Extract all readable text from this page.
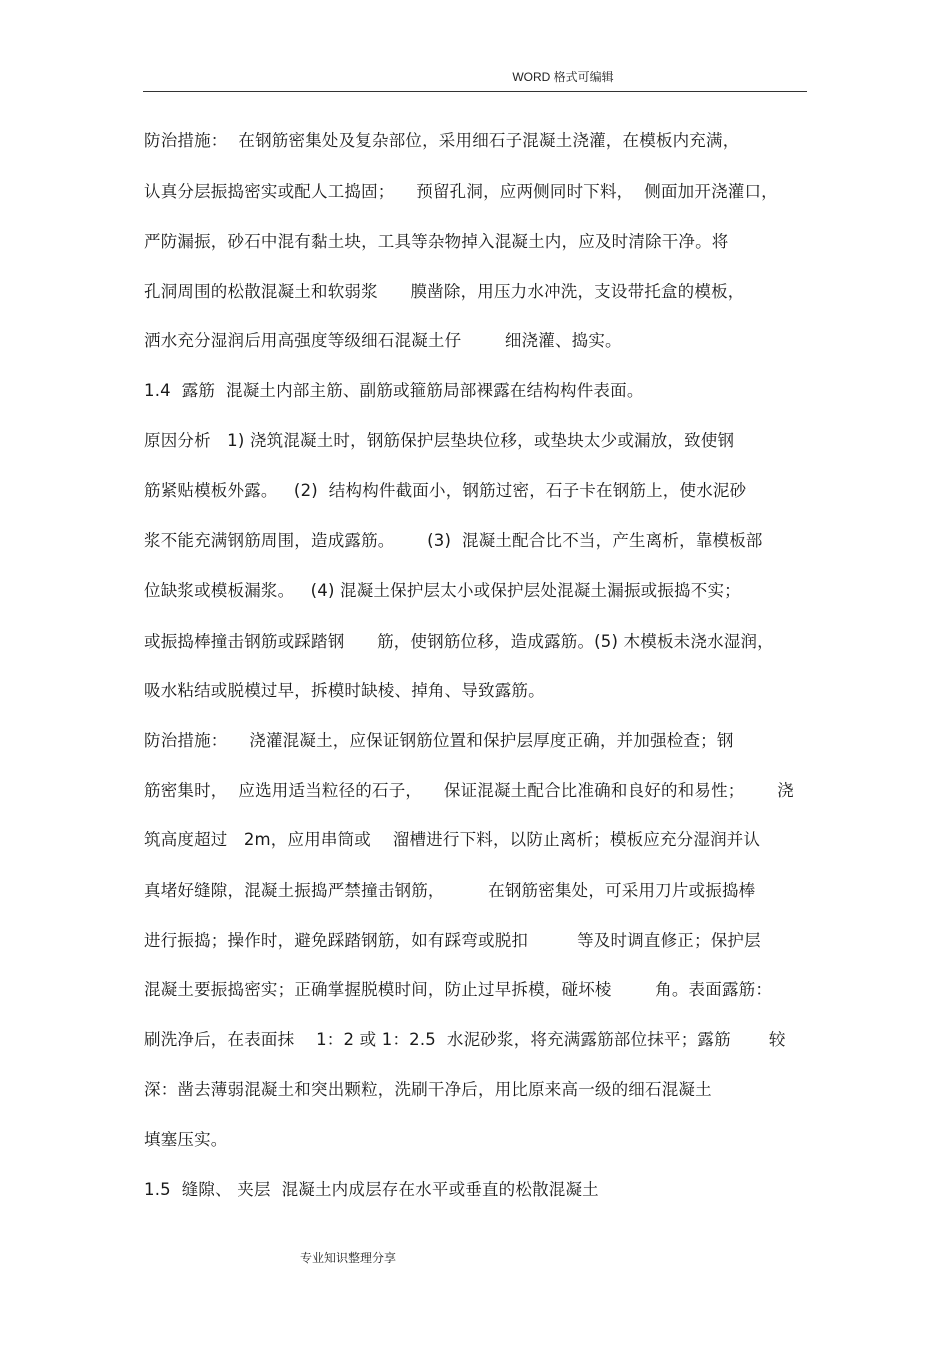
WORD 格式可编辑
防治措施：  在钢筋密集处及复杂部位，采用细石子混凝土浇灌，在模板内充满，
认真分层振捣密实或配人工捣固；    预留孔洞，应两侧同时下料，  侧面加开浇灌口，
严防漏振，砂石中混有黏土块，工具等杂物掉入混凝土内，应及时清除干净。将
孔洞周围的松散混凝土和软弱浆      膜凿除，用压力水冲洗，支设带托盒的模板，
洒水充分湿润后用高强度等级细石混凝土仔        细浇灌、捣实。
1.4  露筋  混凝土内部主筋、副筋或箍筋局部裸露在结构构件表面。
原因分析   1) 浇筑混凝土时，钢筋保护层垫块位移，或垫块太少或漏放，致使钢
筋紧贴模板外露。   (2)  结构构件截面小，钢筋过密，石子卡在钢筋上，使水泥砂
浆不能充满钢筋周围，造成露筋。      (3)  混凝土配合比不当，产生离析，靠模板部
位缺浆或模板漏浆。   (4) 混凝土保护层太小或保护层处混凝土漏振或振捣不实；
或振捣棒撞击钢筋或踩踏钢      筋，使钢筋位移，造成露筋。(5) 木模板未浇水湿润，
吸水粘结或脱模过早，拆模时缺棱、掉角、导致露筋。
防治措施：    浇灌混凝土，应保证钢筋位置和保护层厚度正确，并加强检查；钢
筋密集时，  应选用适当粒径的石子，    保证混凝土配合比准确和良好的和易性；      浇
筑高度超过   2m，应用串筒或    溜槽进行下料，以防止离析；模板应充分湿润并认
真堵好缝隙，混凝土振捣严禁撞击钢筋，        在钢筋密集处，可采用刀片或振捣棒
进行振捣；操作时，避免踩踏钢筋，如有踩弯或脱扣         等及时调直修正；保护层
混凝土要振捣密实；正确掌握脱模时间，防止过早拆模，碰坏棱        角。表面露筋：
刷洗净后，在表面抹    1：2 或 1：2.5  水泥砂浆，将充满露筋部位抹平；露筋       较
深：凿去薄弱混凝土和突出颗粒，洗刷干净后，用比原来高一级的细石混凝土
填塞压实。
1.5  缝隙、 夹层  混凝土内成层存在水平或垂直的松散混凝土
专业知识整理分享
